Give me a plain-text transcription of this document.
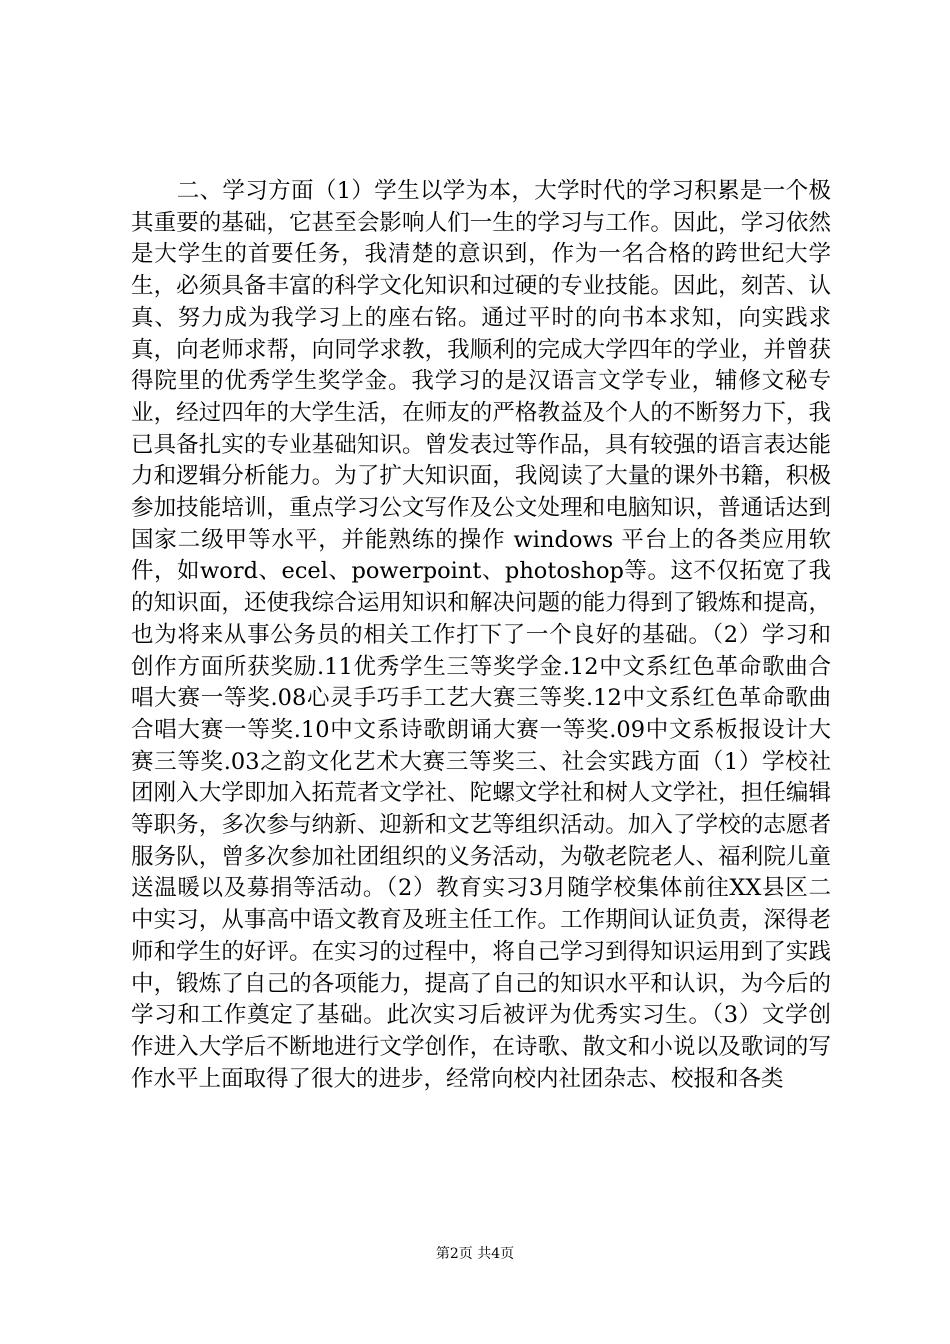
　　二、学习方面（1）学生以学为本，大学时代的学习积累是一个极其重要的基础，它甚至会影响人们一生的学习与工作。因此，学习依然是大学生的首要任务，我清楚的意识到，作为一名合格的跨世纪大学生，必须具备丰富的科学文化知识和过硬的专业技能。因此，刻苦、认真、努力成为我学习上的座右铭。通过平时的向书本求知，向实践求真，向老师求帮，向同学求教，我顺利的完成大学四年的学业，并曾获得院里的优秀学生奖学金。我学习的是汉语言文学专业，辅修文秘专业，经过四年的大学生活，在师友的严格教益及个人的不断努力下，我已具备扎实的专业基础知识。曾发表过等作品，具有较强的语言表达能力和逻辑分析能力。为了扩大知识面，我阅读了大量的课外书籍，积极参加技能培训，重点学习公文写作及公文处理和电脑知识，普通话达到国家二级甲等水平，并能熟练的操作 windows 平台上的各类应用软件，如word、ecel、powerpoint、photoshop等。这不仅拓宽了我的知识面，还使我综合运用知识和解决问题的能力得到了锻炼和提高，也为将来从事公务员的相关工作打下了一个良好的基础。（2）学习和创作方面所获奖励.11优秀学生三等奖学金.12中文系红色革命歌曲合唱大赛一等奖.08心灵手巧手工艺大赛三等奖.12中文系红色革命歌曲合唱大赛一等奖.10中文系诗歌朗诵大赛一等奖.09中文系板报设计大赛三等奖.03之韵文化艺术大赛三等奖三、社会实践方面（1）学校社团刚入大学即加入拓荒者文学社、陀螺文学社和树人文学社，担任编辑等职务，多次参与纳新、迎新和文艺等组织活动。加入了学校的志愿者服务队，曾多次参加社团组织的义务活动，为敬老院老人、福利院儿童送温暖以及募捐等活动。（2）教育实习3月随学校集体前往XX县区二中实习，从事高中语文教育及班主任工作。工作期间认证负责，深得老师和学生的好评。在实习的过程中，将自己学习到得知识运用到了实践中，锻炼了自己的各项能力，提高了自己的知识水平和认识，为今后的学习和工作奠定了基础。此次实习后被评为优秀实习生。（3）文学创作进入大学后不断地进行文学创作，在诗歌、散文和小说以及歌词的写作水平上面取得了很大的进步，经常向校内社团杂志、校报和各类

第2页 共4页
